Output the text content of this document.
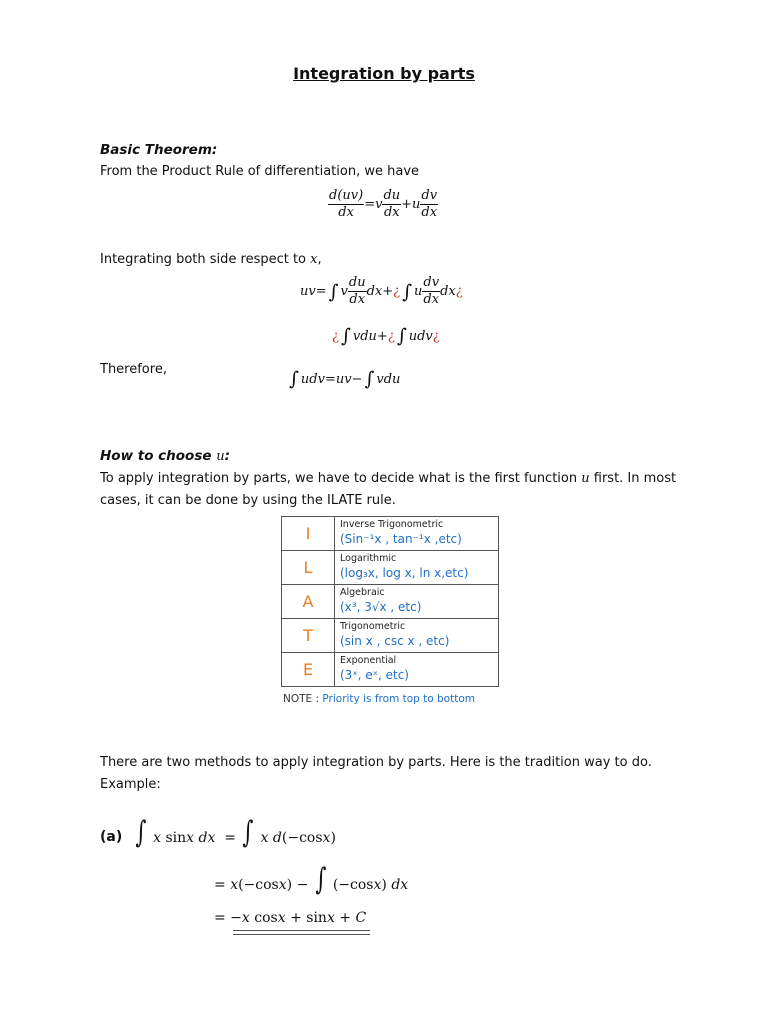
Integration by parts
Basic Theorem:
From the Product Rule of differentiation, we have
$\frac{d(uv)}{dx} =v \frac{du}{dx} +u \frac{dv}{dx}$
Integrating both side respect to x,
uv= ∫ v $\frac{du}{dx} dx+$ ¿ ∫ u $\frac{dv}{dx}$ dx ¿
¿ ∫ vdu+ ¿ ∫ udv ¿
Therefore,	∫ udv=uv− ∫ vdu
How to choose u:
To apply integration by parts, we have to decide what is the first function u first. In most
cases, it can be done by using the ILATE rule.
I	Inverse Trigonometric
(Sin⁻¹x , tan⁻¹x ,etc)

L	Logarithmic
(log₃x, log x, ln x,etc)

A	Algebraic
(x³, 3√x , etc)

T	Trigonometric
(sin x , csc x , etc)

E	Exponential
(3ˣ, eˣ, etc)
NOTE : Priority is from top to bottom
There are two methods to apply integration by parts. Here is the tradition way to do.
Example:
(a) ∫ x sinx dx  = ∫ x d(−cosx)
= x(−cosx) − ∫ (−cosx) dx
= −x cosx + sinx + C
